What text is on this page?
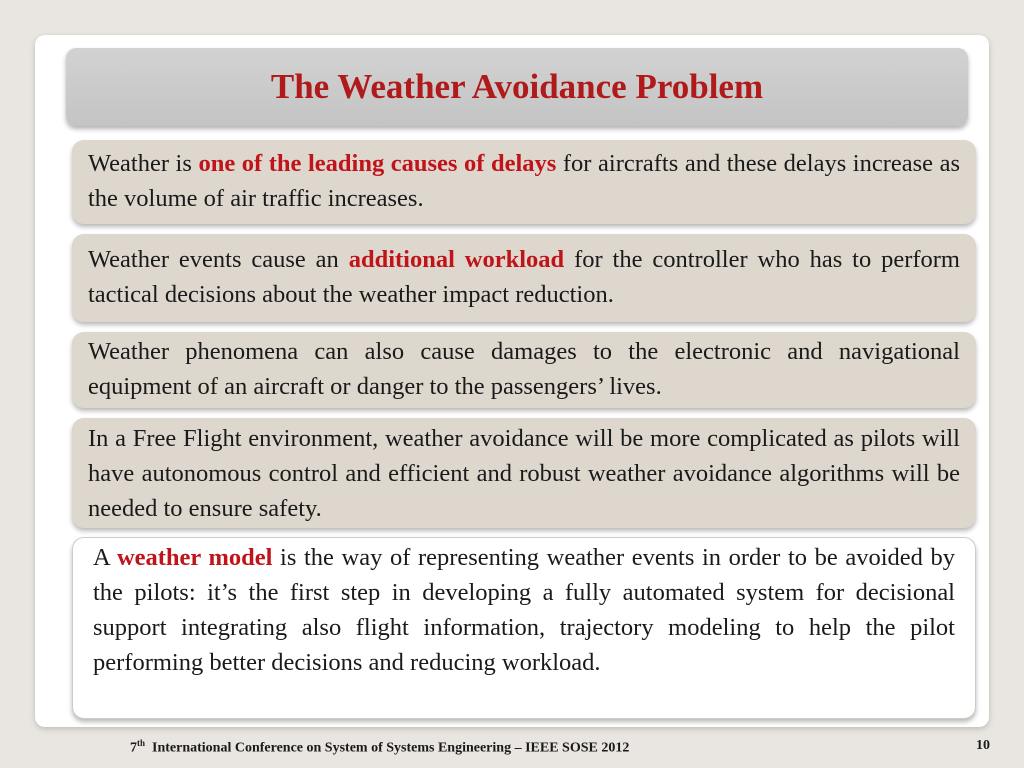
The Weather Avoidance Problem
Weather is one of the leading causes of delays for aircrafts and these delays increase as the volume of air traffic increases.
Weather events cause an additional workload for the controller who has to perform tactical decisions about the weather impact reduction.
Weather phenomena can also cause damages to the electronic and navigational equipment of an aircraft or danger to the passengers’ lives.
In a Free Flight environment, weather avoidance will be more complicated as pilots will have autonomous control and efficient and robust weather avoidance algorithms will be needed to ensure safety.
A weather model is the way of representing weather events in order to be avoided by the pilots: it’s the first step in developing a fully automated system for decisional support integrating also flight information, trajectory modeling to help the pilot performing better decisions and reducing workload.
7th International Conference on System of Systems Engineering – IEEE SOSE 2012	10
